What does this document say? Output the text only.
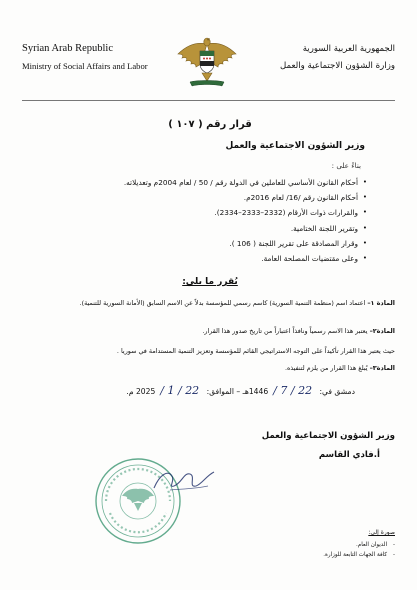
Syrian Arab Republic
Ministry of Social Affairs and Labor
الجمهورية العربية السورية
وزارة الشؤون الاجتماعية والعمل
قرار رقم ( ١٠٧ )
وزير الشؤون الاجتماعية والعمل
بناءً على :
• أحكام القانون الأساسي للعاملين في الدولة رقم / 50 / لعام 2004م وتعديلاته.
• أحكام القانون رقم /16/ لعام 2016م.
• والقرارات ذوات الأرقام (2332–2333–2334).
• وتقرير اللجنة الختامية.
• وقرار المصادقة على تقرير اللجنة ( 106 ).
• وعلى مقتضيات المصلحة العامة.
يُقرر ما يلي:
المادة ١– اعتماد اسم (منظمة التنمية السورية) كاسم رسمي للمؤسسة بدلاً عن الاسم السابق (الأمانة السورية للتنمية).
المادة٢– يعتبر هذا الاسم رسمياً ونافذاً اعتباراً من تاريخ صدور هذا القرار.
حيث يعتبر هذا القرار تأكيداً على التوجه الاستراتيجي القائم للمؤسسة وتعزيز التنمية المستدامة في سوريا .
المادة٣– يُبلغ هذا القرار من يلزم لتنفيذه.
دمشق في: 22 / 7 /1446هـ – الموافق: 22 / 1 /2025 م.
وزير الشؤون الاجتماعية والعمل
أ.فادي القاسم
صورة إلى:
- الديوان العام.
- كافة الجهات التابعة للوزارة.
